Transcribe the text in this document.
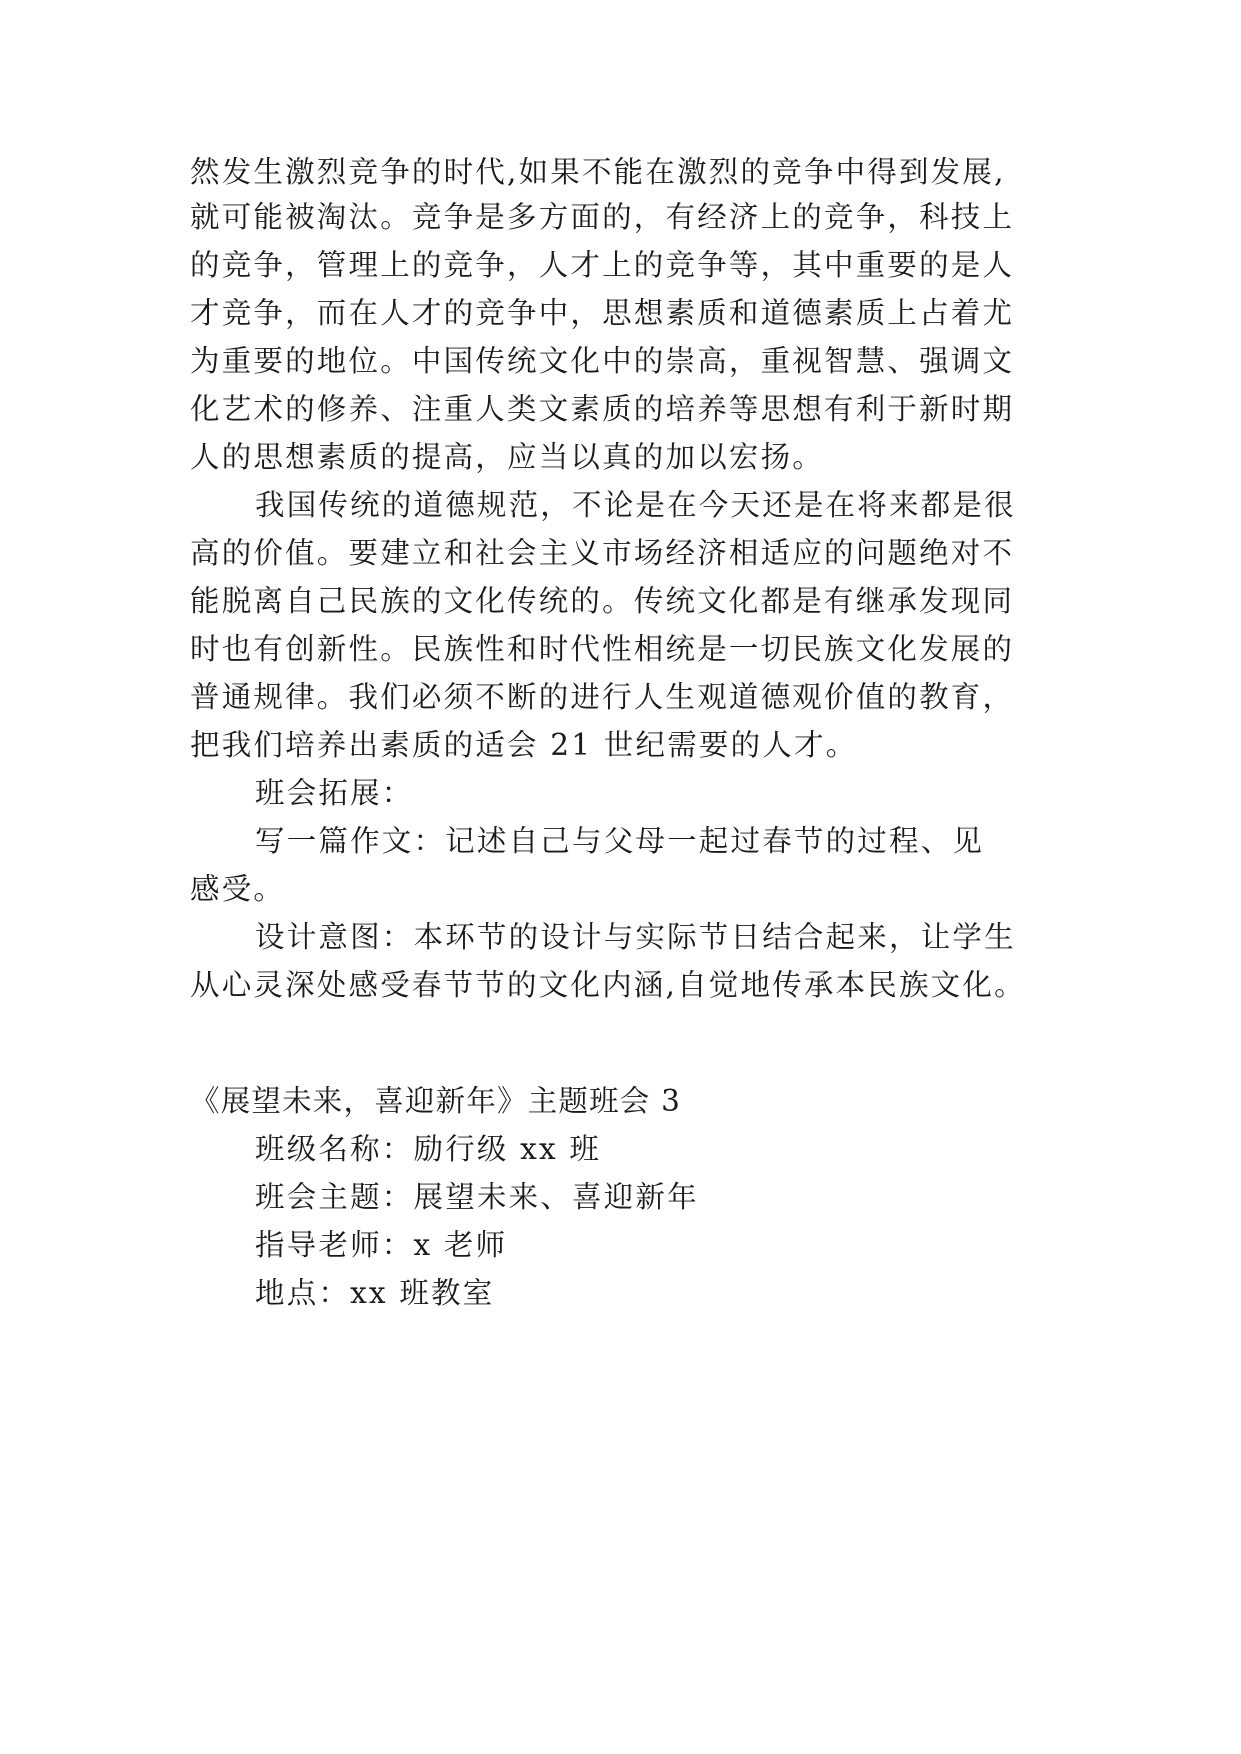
然发生激烈竞争的时代,如果不能在激烈的竞争中得到发展,
就可能被淘汰。竞争是多方面的，有经济上的竞争，科技上
的竞争，管理上的竞争，人才上的竞争等，其中重要的是人
才竞争，而在人才的竞争中，思想素质和道德素质上占着尤
为重要的地位。中国传统文化中的崇高，重视智慧、强调文
化艺术的修养、注重人类文素质的培养等思想有利于新时期
人的思想素质的提高，应当以真的加以宏扬。
我国传统的道德规范，不论是在今天还是在将来都是很
高的价值。要建立和社会主义市场经济相适应的问题绝对不
能脱离自己民族的文化传统的。传统文化都是有继承发现同
时也有创新性。民族性和时代性相统是一切民族文化发展的
普通规律。我们必须不断的进行人生观道德观价值的教育，
把我们培养出素质的适会 21 世纪需要的人才。
班会拓展：
写一篇作文：记述自己与父母一起过春节的过程、见
感受。
设计意图：本环节的设计与实际节日结合起来，让学生
从心灵深处感受春节节的文化内涵,自觉地传承本民族文化。
《展望未来，喜迎新年》主题班会 3
班级名称：励行级 xx 班
班会主题：展望未来、喜迎新年
指导老师：x 老师
地点：xx 班教室
